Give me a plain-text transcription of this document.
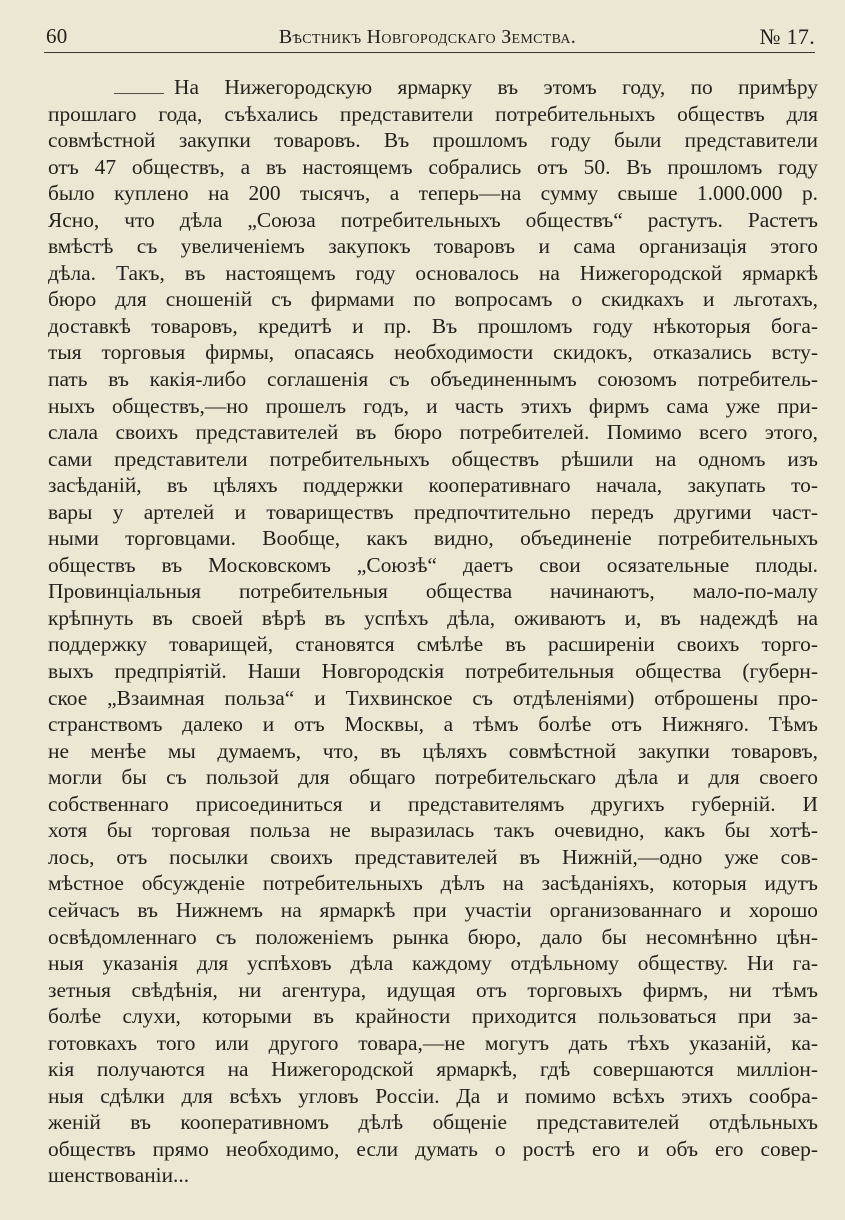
60	Вѣстникъ Новгородскаго Земства.	№ 17.
На Нижегородскую ярмарку въ этомъ году, по примѣру
прошлаго года, съѣхались представители потребительныхъ обществъ для
совмѣстной закупки товаровъ. Въ прошломъ году были представители
отъ 47 обществъ, а въ настоящемъ собрались отъ 50. Въ прошломъ году
было куплено на 200 тысячъ, а теперь—на сумму свыше 1.000.000 р.
Ясно, что дѣла „Союза потребительныхъ обществъ“ растутъ. Растетъ
вмѣстѣ съ увеличеніемъ закупокъ товаровъ и сама организація этого
дѣла. Такъ, въ настоящемъ году основалось на Нижегородской ярмаркѣ
бюро для сношеній съ фирмами по вопросамъ о скидкахъ и льготахъ,
доставкѣ товаровъ, кредитѣ и пр. Въ прошломъ году нѣкоторыя бога-
тыя торговыя фирмы, опасаясь необходимости скидокъ, отказались всту-
пать въ какія-либо соглашенія съ объединеннымъ союзомъ потребитель-
ныхъ обществъ,—но прошелъ годъ, и часть этихъ фирмъ сама уже при-
слала своихъ представителей въ бюро потребителей. Помимо всего этого,
сами представители потребительныхъ обществъ рѣшили на одномъ изъ
засѣданій, въ цѣляхъ поддержки кооперативнаго начала, закупать то-
вары у артелей и товариществъ предпочтительно передъ другими част-
ными торговцами. Вообще, какъ видно, объединеніе потребительныхъ
обществъ въ Московскомъ „Союзѣ“ даетъ свои осязательные плоды.
Провинціальныя потребительныя общества начинаютъ, мало-по-малу
крѣпнуть въ своей вѣрѣ въ успѣхъ дѣла, оживаютъ и, въ надеждѣ на
поддержку товарищей, становятся смѣлѣе въ расширеніи своихъ торго-
выхъ предпріятій. Наши Новгородскія потребительныя общества (губерн-
ское „Взаимная польза“ и Тихвинское съ отдѣленіями) отброшены про-
странствомъ далеко и отъ Москвы, а тѣмъ болѣе отъ Нижняго. Тѣмъ
не менѣе мы думаемъ, что, въ цѣляхъ совмѣстной закупки товаровъ,
могли бы съ пользой для общаго потребительскаго дѣла и для своего
собственнаго присоединиться и представителямъ другихъ губерній. И
хотя бы торговая польза не выразилась такъ очевидно, какъ бы хотѣ-
лось, отъ посылки своихъ представителей въ Нижній,—одно уже сов-
мѣстное обсужденіе потребительныхъ дѣлъ на засѣданіяхъ, которыя идутъ
сейчасъ въ Нижнемъ на ярмаркѣ при участіи организованнаго и хорошо
освѣдомленнаго съ положеніемъ рынка бюро, дало бы несомнѣнно цѣн-
ныя указанія для успѣховъ дѣла каждому отдѣльному обществу. Ни га-
зетныя свѣдѣнія, ни агентура, идущая отъ торговыхъ фирмъ, ни тѣмъ
болѣе слухи, которыми въ крайности приходится пользоваться при за-
готовкахъ того или другого товара,—не могутъ дать тѣхъ указаній, ка-
кія получаются на Нижегородской ярмаркѣ, гдѣ совершаются милліон-
ныя сдѣлки для всѣхъ угловъ Россіи. Да и помимо всѣхъ этихъ сообра-
женій въ кооперативномъ дѣлѣ общеніе представителей отдѣльныхъ
обществъ прямо необходимо, если думать о ростѣ его и объ его совер-
шенствованіи...
